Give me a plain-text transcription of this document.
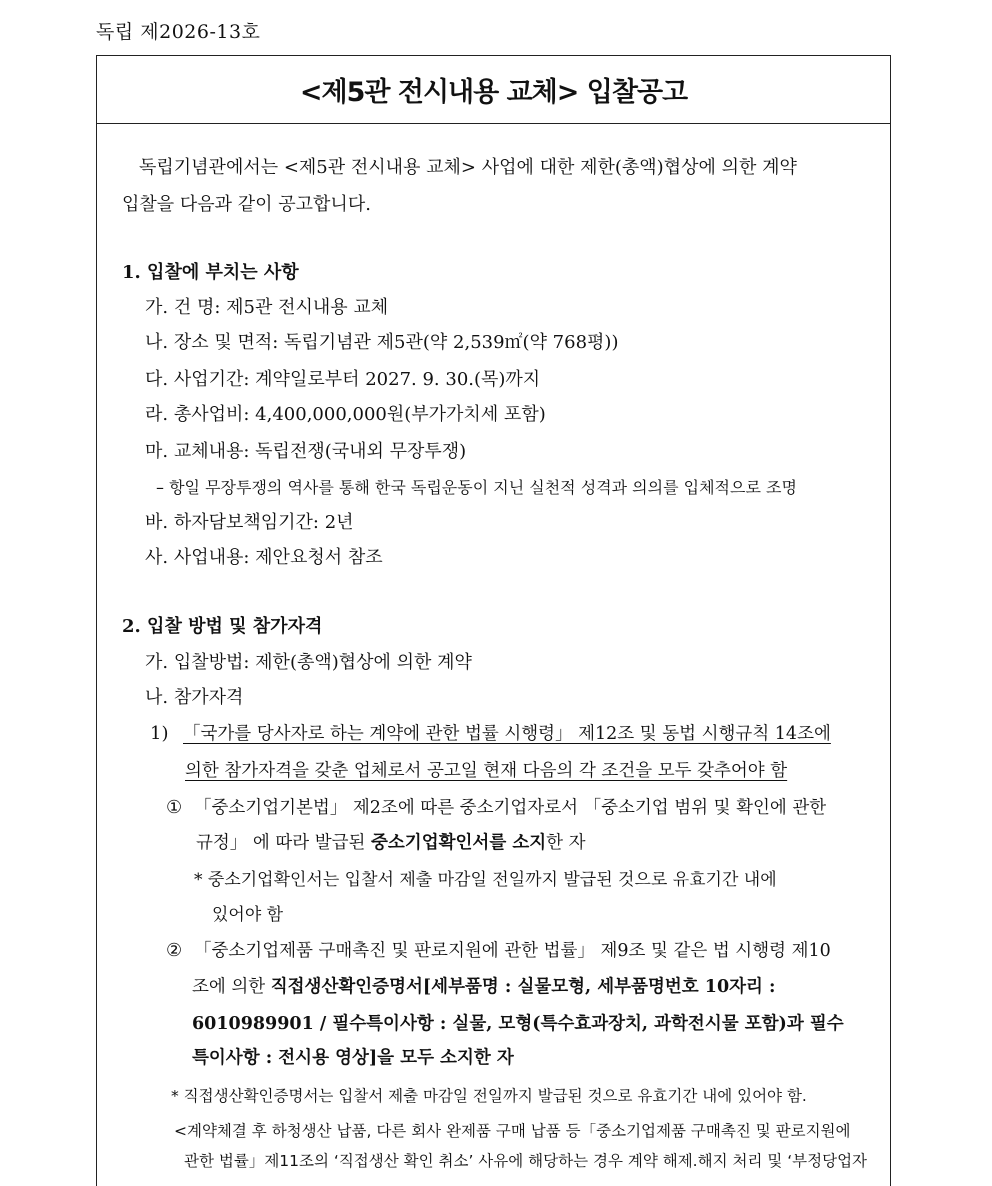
독립 제2026-13호
<제5관 전시내용 교체> 입찰공고
독립기념관에서는 <제5관 전시내용 교체> 사업에 대한 제한(총액)협상에 의한 계약
입찰을 다음과 같이 공고합니다.
1. 입찰에 부치는 사항
가. 건 명: 제5관 전시내용 교체
나. 장소 및 면적: 독립기념관 제5관(약 2,539㎡(약 768평))
다. 사업기간: 계약일로부터 2027. 9. 30.(목)까지
라. 총사업비: 4,400,000,000원(부가가치세 포함)
마. 교체내용: 독립전쟁(국내외 무장투쟁)
– 항일 무장투쟁의 역사를 통해 한국 독립운동이 지닌 실천적 성격과 의의를 입체적으로 조명
바. 하자담보책임기간: 2년
사. 사업내용: 제안요청서 참조
2. 입찰 방법 및 참가자격
가. 입찰방법: 제한(총액)협상에 의한 계약
나. 참가자격
1) 「국가를 당사자로 하는 계약에 관한 법률 시행령」 제12조 및 동법 시행규칙 14조에
의한 참가자격을 갖춘 업체로서 공고일 현재 다음의 각 조건을 모두 갖추어야 함
① 「중소기업기본법」 제2조에 따른 중소기업자로서 「중소기업 범위 및 확인에 관한
규정」 에 따라 발급된 중소기업확인서를 소지한 자
* 중소기업확인서는 입찰서 제출 마감일 전일까지 발급된 것으로 유효기간 내에
있어야 함
② 「중소기업제품 구매촉진 및 판로지원에 관한 법률」 제9조 및 같은 법 시행령 제10
조에 의한 직접생산확인증명서[세부품명 : 실물모형, 세부품명번호 10자리 :
6010989901 / 필수특이사항 : 실물, 모형(특수효과장치, 과학전시물 포함)과 필수
특이사항 : 전시용 영상]을 모두 소지한 자
* 직접생산확인증명서는 입찰서 제출 마감일 전일까지 발급된 것으로 유효기간 내에 있어야 함.
<계약체결 후 하청생산 납품, 다른 회사 완제품 구매 납품 등「중소기업제품 구매촉진 및 판로지원에
관한 법률」제11조의 ‘직접생산 확인 취소’ 사유에 해당하는 경우 계약 해제.해지 처리 및 ‘부정당업자
